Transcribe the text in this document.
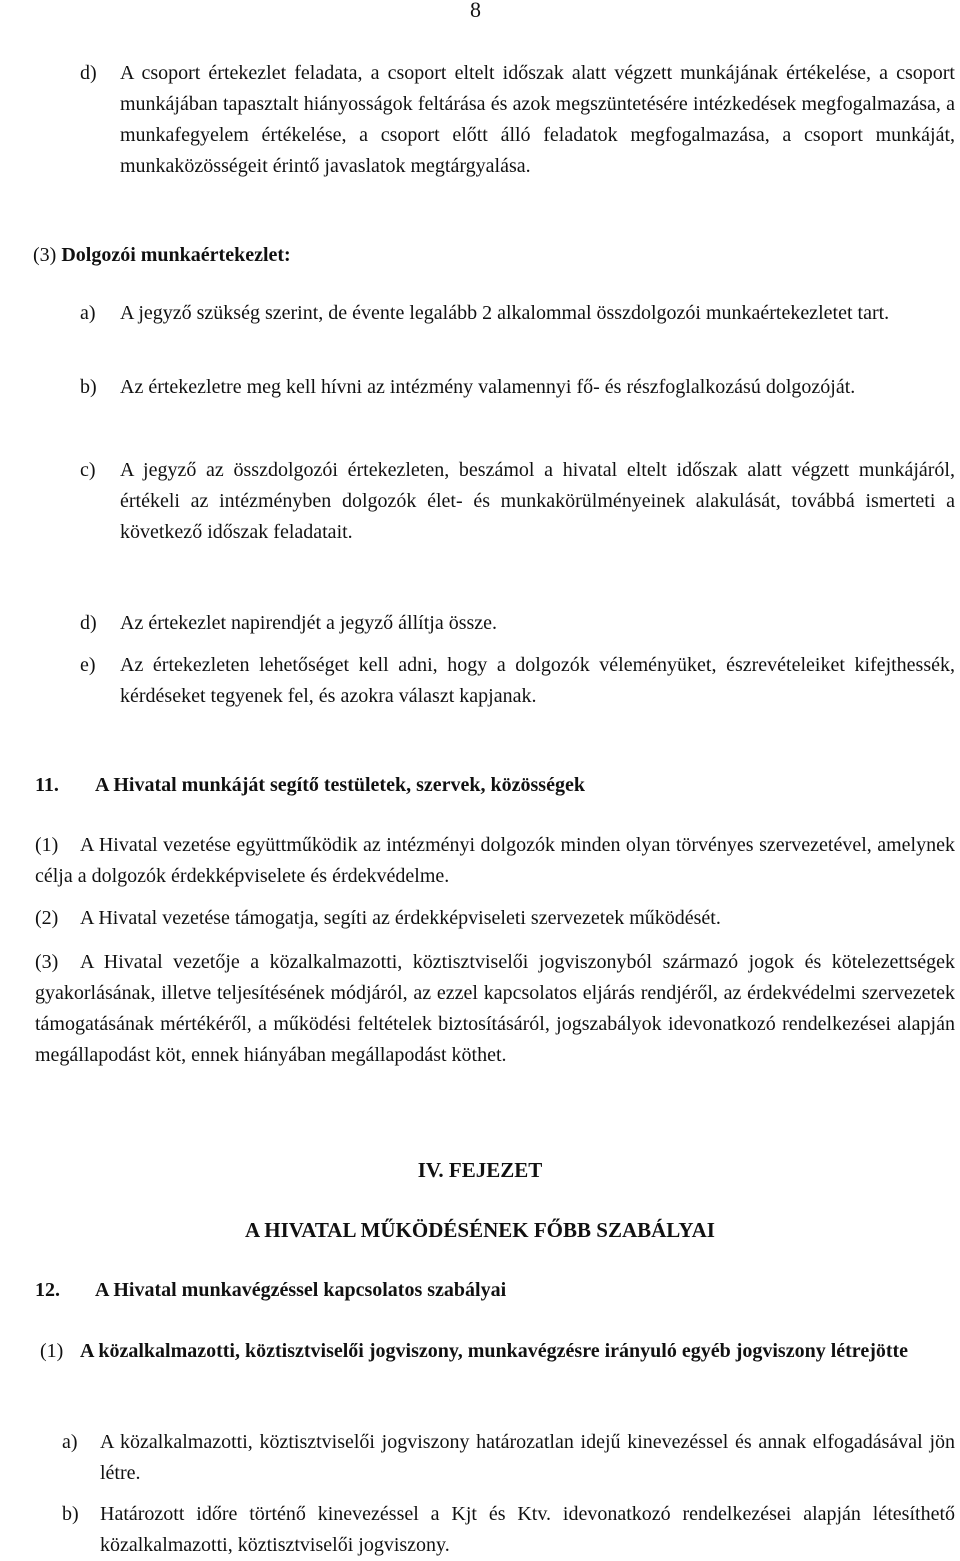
8
d) A csoport értekezlet feladata, a csoport eltelt időszak alatt végzett munkájának értékelése, a csoport munkájában tapasztalt hiányosságok feltárása és azok megszüntetésére intézkedések megfogalmazása, a munkafegyelem értékelése, a csoport előtt álló feladatok megfogalmazása, a csoport munkáját, munkaközösségeit érintő javaslatok megtárgyalása.
(3) Dolgozói munkaértekezlet:
a) A jegyző szükség szerint, de évente legalább 2 alkalommal összdolgozói munkaértekezletet tart.
b) Az értekezletre meg kell hívni az intézmény valamennyi fő- és részfoglalkozású dolgozóját.
c) A jegyző az összdolgozói értekezleten, beszámol a hivatal eltelt időszak alatt végzett munkájáról, értékeli az intézményben dolgozók élet- és munkakörülményeinek alakulását, továbbá ismerteti a következő időszak feladatait.
d) Az értekezlet napirendjét a jegyző állítja össze.
e) Az értekezleten lehetőséget kell adni, hogy a dolgozók véleményüket, észrevételeiket kifejthessék, kérdéseket tegyenek fel, és azokra választ kapjanak.
11. A Hivatal munkáját segítő testületek, szervek, közösségek
(1)	A Hivatal vezetése együttműködik az intézményi dolgozók minden olyan törvényes szervezetével, amelynek célja a dolgozók érdekképviselete és érdekvédelme.
(2)	A Hivatal vezetése támogatja, segíti az érdekképviseleti szervezetek működését.
(3)	A Hivatal vezetője a közalkalmazotti, köztisztviselői jogviszonyból származó jogok és kötelezettségek gyakorlásának, illetve teljesítésének módjáról, az ezzel kapcsolatos eljárás rendjéről, az érdekvédelmi szervezetek támogatásának mértékéről, a működési feltételek biztosításáról, jogszabályok idevonatkozó rendelkezései alapján megállapodást köt, ennek hiányában megállapodást köthet.
IV. FEJEZET
A HIVATAL MŰKÖDÉSÉNEK FŐBB SZABÁLYAI
12. A Hivatal munkavégzéssel kapcsolatos szabályai
(1) A közalkalmazotti, köztisztviselői jogviszony, munkavégzésre irányuló egyéb jogviszony létrejötte
a) A közalkalmazotti, köztisztviselői jogviszony határozatlan idejű kinevezéssel és annak elfogadásával jön létre.
b) Határozott időre történő kinevezéssel a Kjt és Ktv. idevonatkozó rendelkezései alapján létesíthető közalkalmazotti, köztisztviselői jogviszony.
